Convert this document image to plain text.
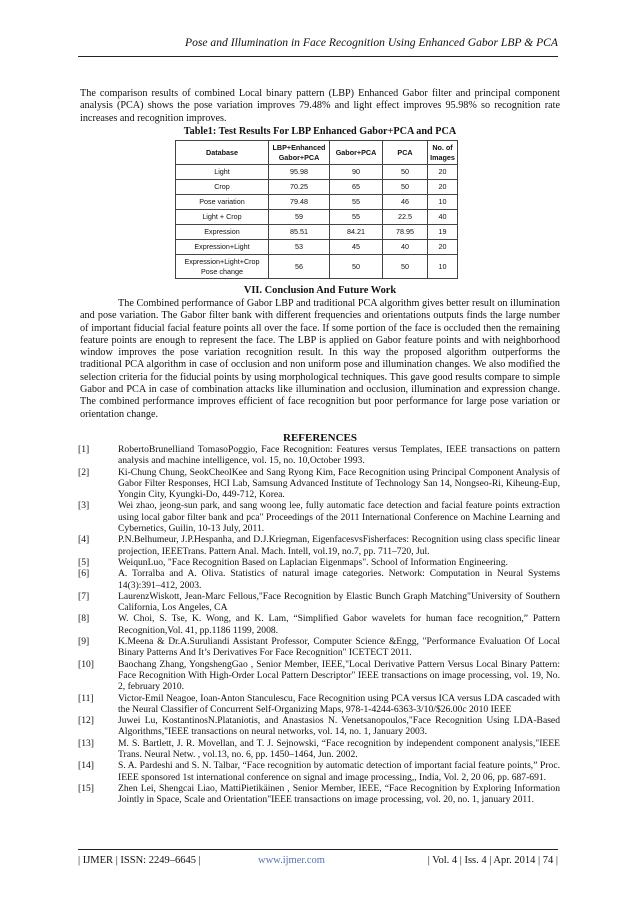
Pose and Illumination in Face Recognition Using Enhanced Gabor LBP & PCA

The comparison results of combined Local binary pattern (LBP) Enhanced Gabor filter and principal component analysis (PCA) shows the pose variation improves 79.48% and light effect improves 95.98% so recognition rate increases and recognition improves.

Table1: Test Results For LBP Enhanced Gabor+PCA and PCA
Database	LBP+Enhanced Gabor+PCA	Gabor+PCA	PCA	No. of Images
Light	95.98	90	50	20
Crop	70.25	65	50	20
Pose variation	79.48	55	46	10
Light + Crop	59	55	22.5	40
Expression	85.51	84.21	78.95	19
Expression+Light	53	45	40	20
Expression+Light+Crop Pose change	56	50	50	10
VII. Conclusion And Future Work

The Combined performance of Gabor LBP and traditional PCA algorithm gives better result on illumination and pose variation. The Gabor filter bank with different frequencies and orientations outputs finds the large number of important fiducial facial feature points all over the face. If some portion of the face is occluded then the remaining feature points are enough to represent the face. The LBP is applied on Gabor feature points and with neighborhood window improves the pose variation recognition result. In this way the proposed algorithm outperforms the traditional PCA algorithm in case of occlusion and non uniform pose and illumination changes. We also modified the selection criteria for the fiducial points by using morphological techniques. This gave good results compare to simple Gabor and PCA in case of combination attacks like illumination and occlusion, illumination and expression change. The combined performance improves efficient of face recognition but poor performance for large pose variation or orientation change.

REFERENCES
[1]	RobertoBrunelliand TomasoPoggio, Face Recognition: Features versus Templates, IEEE transactions on pattern analysis and machine intelligence, vol. 15, no. 10,October 1993.
[2]	Ki-Chung Chung, SeokCheolKee and Sang Ryong Kim, Face Recognition using Principal Component Analysis of Gabor Filter Responses, HCI Lab, Samsung Advanced Institute of Technology San 14, Nongseo-Ri, Kiheung-Eup, Yongin City, Kyungki-Do, 449-712, Korea.
[3]	Wei zhao, jeong-sun park, and sang woong lee, fully automatic face detection and facial feature points extraction using local gabor filter bank and pca" Proceedings of the 2011 International Conference on Machine Learning and Cybernetics, Guilin, 10-13 July, 2011.
[4]	P.N.Belhumeur, J.P.Hespanha, and D.J.Kriegman, EigenfacesvsFisherfaces: Recognition using class specific linear projection, IEEETrans. Pattern Anal. Mach. Intell, vol.19, no.7, pp. 711–720, Jul.
[5]	WeiqunLuo, "Face Recognition Based on Laplacian Eigenmaps". School of Information Engineering.
[6]	A. Torralba and A. Oliva. Statistics of natural image categories. Network: Computation in Neural Systems 14(3):391–412, 2003.
[7]	LaurenzWiskott, Jean-Marc Fellous,"Face Recognition by Elastic Bunch Graph Matching"University of Southern California, Los Angeles, CA
[8]	W. Choi, S. Tse, K. Wong, and K. Lam, “Simplified Gabor wavelets for human face recognition,” Pattern Recognition,Vol. 41, pp.1186 1199, 2008.
[9]	K.Meena & Dr.A.Suruliandi Assistant Professor, Computer Science &Engg, "Performance Evaluation Of Local Binary Patterns And It’s Derivatives For Face Recognition" ICETECT 2011.
[10]	Baochang Zhang, YongshengGao , Senior Member, IEEE,"Local Derivative Pattern Versus Local Binary Pattern: Face Recognition With High-Order Local Pattern Descriptor" IEEE transactions on image processing, vol. 19, No. 2, february 2010.
[11]	Victor-Emil Neagoe, Ioan-Anton Stanculescu, Face Recognition using PCA versus ICA versus LDA cascaded with the Neural Classifier of Concurrent Self-Organizing Maps, 978-1-4244-6363-3/10/$26.00c 2010 IEEE
[12]	Juwei Lu, KostantinosN.Plataniotis, and Anastasios N. Venetsanopoulos,"Face Recognition Using LDA-Based Algorithms,"IEEE transactions on neural networks, vol. 14, no. 1, January 2003.
[13]	M. S. Bartlett, J. R. Movellan, and T. J. Sejnowski, “Face recognition by independent component analysis,"IEEE Trans. Neural Netw. , vol.13, no. 6, pp. 1450–1464, Jun. 2002.
[14]	S. A. Pardeshi and S. N. Talbar, “Face recognition by automatic detection of important facial feature points,” Proc. IEEE sponsored 1st international conference on signal and image processing,, India, Vol. 2, 20 06, pp. 687-691.
[15]	Zhen Lei, Shengcai Liao, MattiPietikäinen , Senior Member, IEEE, “Face Recognition by Exploring Information Jointly in Space, Scale and Orientation"IEEE transactions on image processing, vol. 20, no. 1, january 2011.
| IJMER | ISSN: 2249–6645 |	www.ijmer.com	| Vol. 4 | Iss. 4 | Apr. 2014 | 74 |
